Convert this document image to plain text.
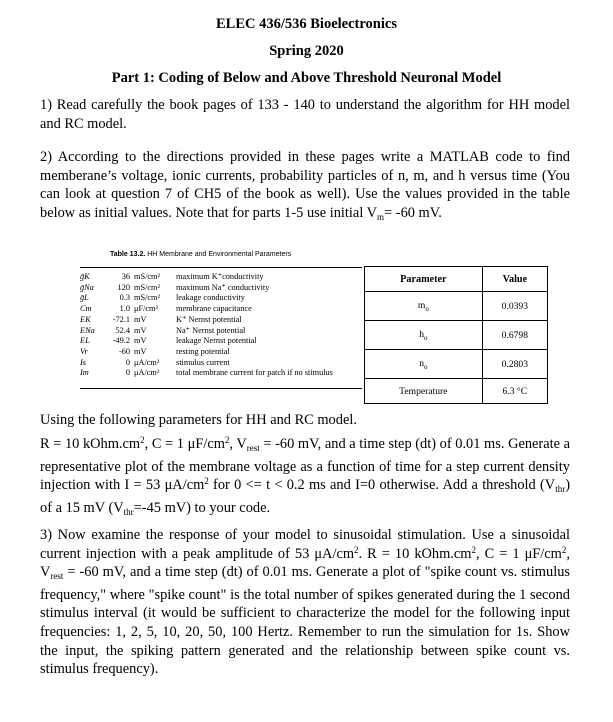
ELEC 436/536 Bioelectronics
Spring 2020
Part 1: Coding of Below and Above Threshold Neuronal Model
1) Read carefully the book pages of 133 - 140 to understand the algorithm for HH model and RC model.
2) According to the directions provided in these pages write a MATLAB code to find memberane’s voltage, ionic currents, probability particles of n, m, and h versus time (You can look at question 7 of CH5 of the book as well). Use the values provided in the table below as initial values. Note that for parts 1-5 use initial $V_m= -60$ mV.
Table 13.2. HH Membrane and Environmental Parameters
ḡK	36	mS/cm²	maximum K⁺conductivity
ḡNa	120	mS/cm²	maximum Na⁺ conductivity
ḡL	0.3	mS/cm²	leakage conductivity
Cm	1.0	μF/cm²	membrane capacitance
EK	-72.1	mV	K⁺ Nernst potential
ENa	52.4	mV	Na⁺ Nernst potential
EL	-49.2	mV	leakage Nernst potential
Vr	-60	mV	resting potential
Is	0	μA/cm²	stimulus current
Im	0	μA/cm²	total membrane current for patch if no stimulus
Parameter	Value
$m_o$	0.0393
$h_o$	0.6798
$n_o$	0.2803
Temperature	6.3 °C
Using the following parameters for HH and RC model.
R = 10 $kOhm.cm^2$, C = 1 $\mu F/cm^2$, $V_{rest} = -60$ mV, and a time step (dt) of 0.01 ms. Generate a representative plot of the membrane voltage as a function of time for a step current density injection with I = 53 $\mu A/cm^2$ for 0 <= t < 0.2 ms and I=0 otherwise. Add a threshold $(V_{thr})$ of a 15 mV ($V_{thr}=-45$ mV) to your code.
3) Now examine the response of your model to sinusoidal stimulation. Use a sinusoidal current injection with a peak amplitude of 53 $\mu A/cm^2$. R = 10 $kOhm.cm^2$, C = 1 $\mu F/cm^2$, $V_{rest} = -60$ mV, and a time step (dt) of 0.01 ms. Generate a plot of "spike count vs. stimulus frequency," where "spike count" is the total number of spikes generated during the 1 second stimulus interval (it would be sufficient to characterize the model for the following input frequencies: 1, 2, 5, 10, 20, 50, 100 Hertz. Remember to run the simulation for 1s. Show the input, the spiking pattern generated and the relationship between spike count vs. stimulus frequency).
